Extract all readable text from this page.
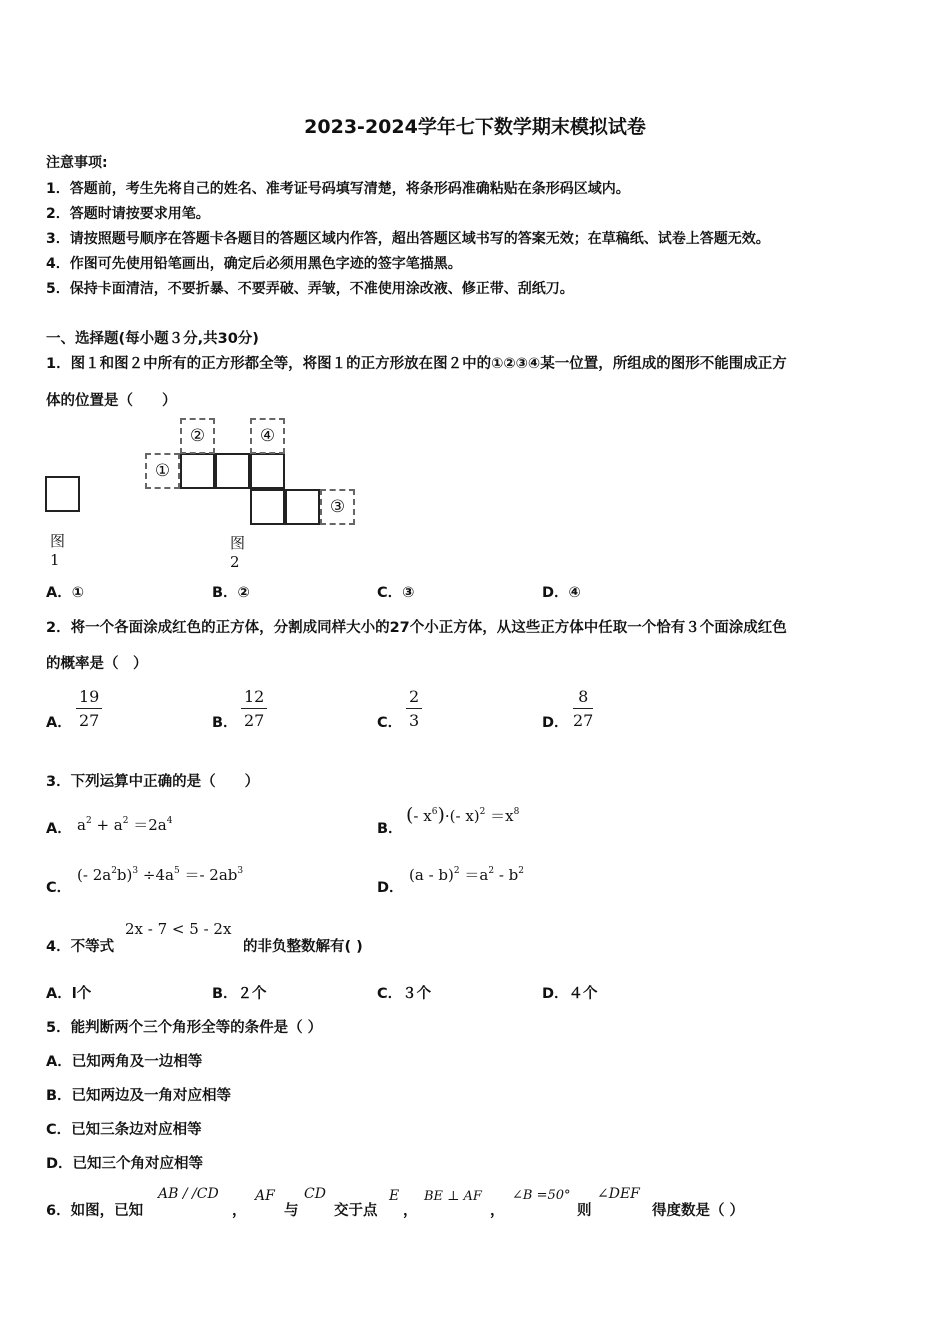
2023-2024学年七下数学期末模拟试卷
注意事项:
1．答题前，考生先将自己的姓名、准考证号码填写清楚，将条形码准确粘贴在条形码区域内。
2．答题时请按要求用笔。
3．请按照题号顺序在答题卡各题目的答题区域内作答，超出答题区域书写的答案无效；在草稿纸、试卷上答题无效。
4．作图可先使用铅笔画出，确定后必须用黑色字迹的签字笔描黑。
5．保持卡面清洁，不要折暴、不要弄破、弄皱，不准使用涂改液、修正带、刮纸刀。
一、选择题(每小题３分,共30分)
1．图１和图２中所有的正方形都全等，将图１的正方形放在图２中的①②③④某一位置，所组成的图形不能围成正方
体的位置是（　　）
图1
①
②	④
③
图2
A．①	B．②	C．③	D．④
2．将一个各面涂成红色的正方体，分割成同样大小的27个小正方体，从这些正方体中任取一个恰有３个面涂成红色
的概率是（　）
A． $\frac{19}{27}$	B． $\frac{12}{27}$	C． $\frac{2}{3}$	D． $\frac{8}{27}$
3．下列运算中正确的是（　　）
A． $a^2 + a^2 =2a^4$	B．
(- $x^6)\cdot(-$ $x)^2 =x^8$
C．
(- $2a^2b)^3 \div 4a^5 =- 2ab^3$
D．
$(a - b)^2 =a^2 - b^2$
4．不等式
2x - 7 < 5 - 2x
的非负整数解有( )
A．l个	B．２个	C．３个	D．４个
5．能判断两个三个角形全等的条件是（ ）
A．已知两角及一边相等
B．已知两边及一角对应相等
C．已知三条边对应相等
D．已知三个角对应相等
6．如图，已知
AB / /CD
，
AF
与
CD
交于点
E
，
BE ⊥ AF
，
∠B =50°
则
∠DEF
得度数是（ ）
